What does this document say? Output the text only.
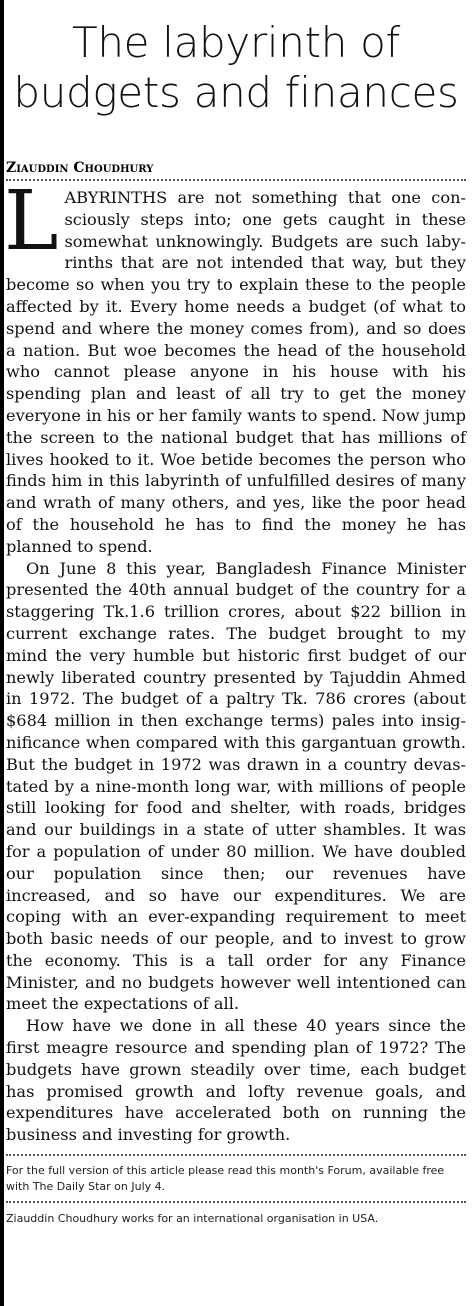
The labyrinth of
budgets and finances
Ziauddin Choudhury

LABYRINTHS are not something that one consciously steps into; one gets caught in these somewhat unknowingly. Budgets are such labyrinths that are not intended that way, but they become so when you try to explain these to the people affected by it. Every home needs a budget (of what to spend and where the money comes from), and so does a nation. But woe becomes the head of the household who cannot please anyone in his house with his spending plan and least of all try to get the money everyone in his or her family wants to spend. Now jump the screen to the national budget that has millions of lives hooked to it. Woe betide becomes the person who finds him in this labyrinth of unfulfilled desires of many and wrath of many others, and yes, like the poor head of the household he has to find the money he has planned to spend.

On June 8 this year, Bangladesh Finance Minister presented the 40th annual budget of the country for a staggering Tk.1.6 trillion crores, about $22 billion in current exchange rates. The budget brought to my mind the very humble but historic first budget of our newly liberated country presented by Tajuddin Ahmed in 1972. The budget of a paltry Tk. 786 crores (about $684 million in then exchange terms) pales into insignificance when compared with this gargantuan growth. But the budget in 1972 was drawn in a country devastated by a nine-month long war, with millions of people still looking for food and shelter, with roads, bridges and our buildings in a state of utter shambles. It was for a population of under 80 million. We have doubled our population since then; our revenues have increased, and so have our expenditures. We are coping with an ever-expanding requirement to meet both basic needs of our people, and to invest to grow the economy. This is a tall order for any Finance Minister, and no budgets however well intentioned can meet the expectations of all.

How have we done in all these 40 years since the first meagre resource and spending plan of 1972? The budgets have grown steadily over time, each budget has promised growth and lofty revenue goals, and expenditures have accelerated both on running the business and investing for growth.

For the full version of this article please read this month's Forum, available free with The Daily Star on July 4.
Ziauddin Choudhury works for an international organisation in USA.
